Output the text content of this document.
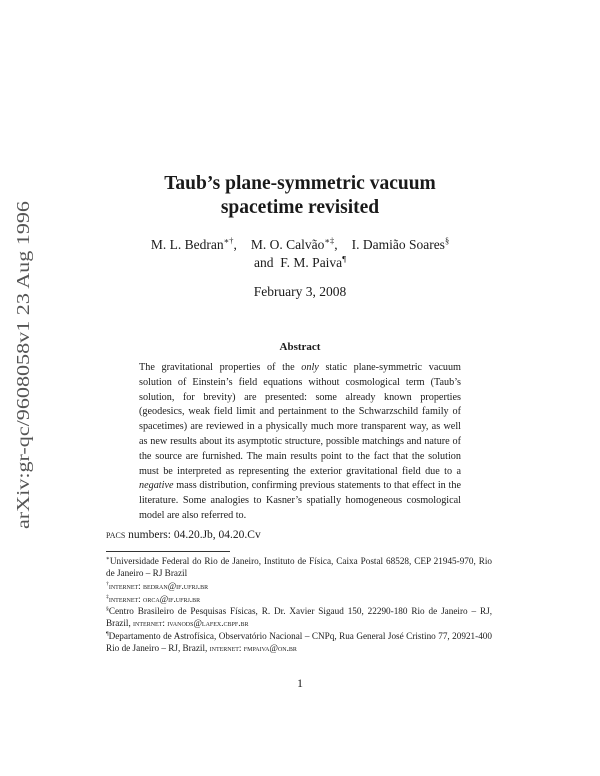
arXiv:gr-qc/9608058v1 23 Aug 1996
Taub’s plane-symmetric vacuum
spacetime revisited
M. L. Bedran∗†, M. O. Calvão∗‡, I. Damião Soares§
and F. M. Paiva¶
February 3, 2008
Abstract
The gravitational properties of the only static plane-symmetric vacuum solution of Einstein’s field equations without cosmological term (Taub’s solution, for brevity) are presented: some already known properties (geodesics, weak field limit and pertainment to the Schwarzschild family of spacetimes) are reviewed in a physically much more transparent way, as well as new results about its asymptotic structure, possible matchings and nature of the source are furnished. The main results point to the fact that the solution must be interpreted as representing the exterior gravitational field due to a negative mass distribution, confirming previous statements to that effect in the literature. Some analogies to Kasner’s spatially homogeneous cosmological model are also referred to.
pacs numbers: 04.20.Jb, 04.20.Cv
∗Universidade Federal do Rio de Janeiro, Instituto de Física, Caixa Postal 68528, CEP 21945-970, Rio de Janeiro – RJ Brazil
†internet: bedran@if.ufrj.br
‡internet: orca@if.ufrj.br
§Centro Brasileiro de Pesquisas Físicas, R. Dr. Xavier Sigaud 150, 22290-180 Rio de Janeiro – RJ, Brazil, internet: ivanods@lafex.cbpf.br
¶Departamento de Astrofísica, Observatório Nacional – CNPq, Rua General José Cristino 77, 20921-400 Rio de Janeiro – RJ, Brazil, internet: fmpaiva@on.br
1
